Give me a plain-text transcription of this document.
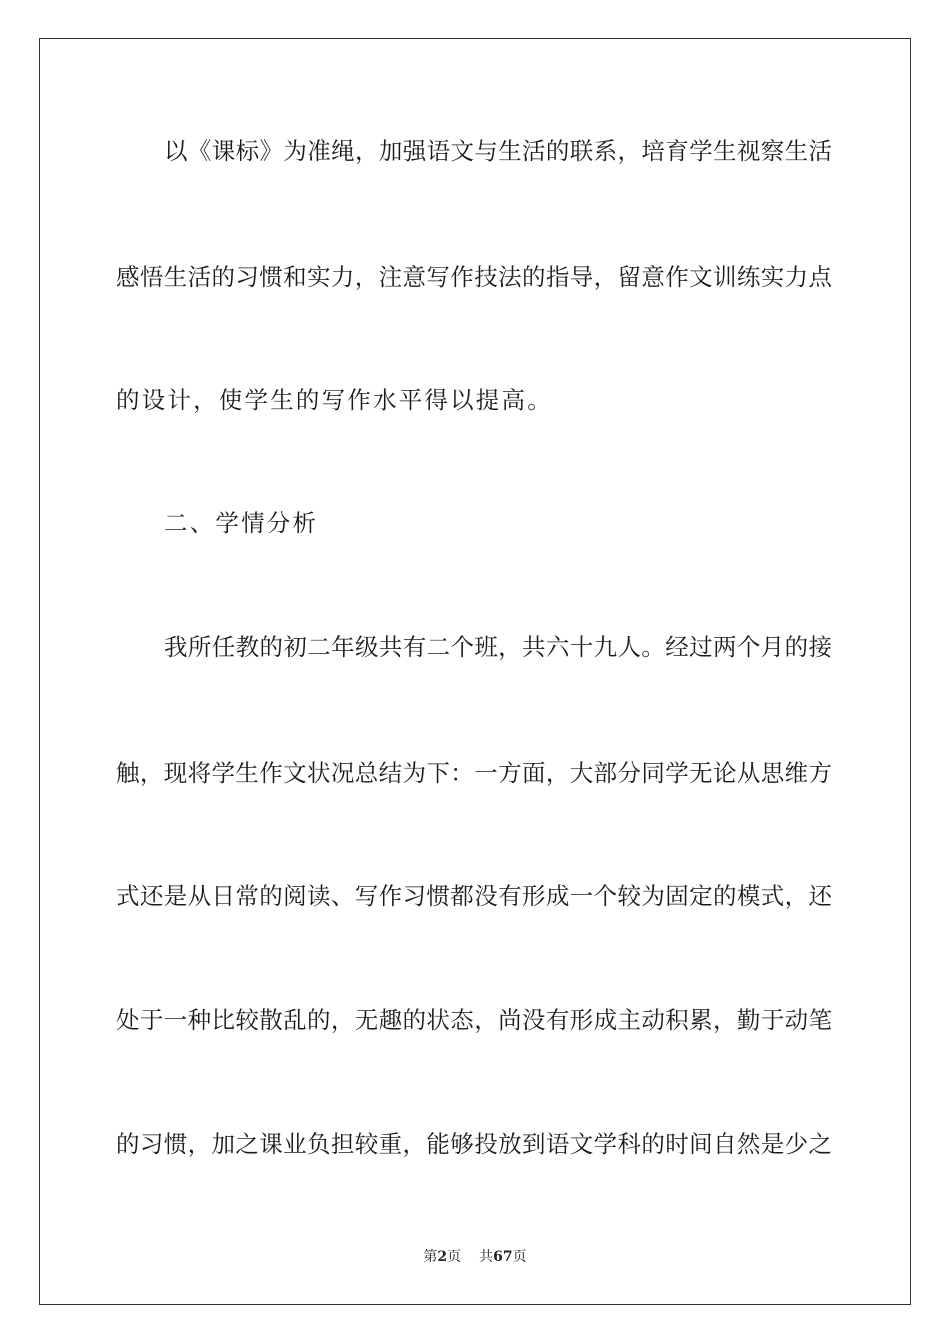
以《课标》为准绳，加强语文与生活的联系，培育学生视察生活
感悟生活的习惯和实力，注意写作技法的指导，留意作文训练实力点
的设计，使学生的写作水平得以提高。
二、学情分析
我所任教的初二年级共有二个班，共六十九人。经过两个月的接
触，现将学生作文状况总结为下：一方面，大部分同学无论从思维方
式还是从日常的阅读、写作习惯都没有形成一个较为固定的模式，还
处于一种比较散乱的，无趣的状态，尚没有形成主动积累，勤于动笔
的习惯，加之课业负担较重，能够投放到语文学科的时间自然是少之
第2页 共67页
